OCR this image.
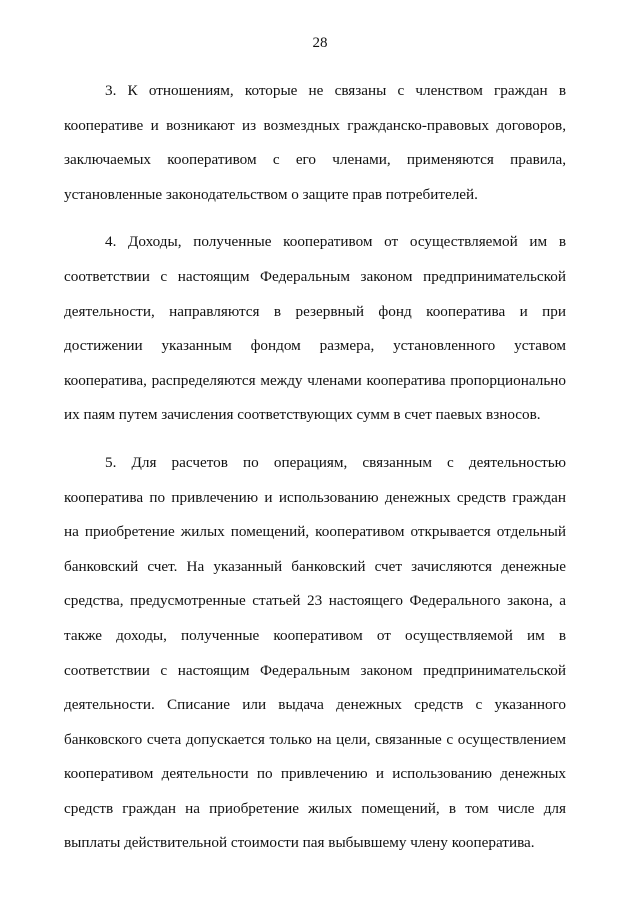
28

3. К отношениям, которые не связаны с членством граждан в кооперативе и возникают из возмездных гражданско-правовых договоров, заключаемых кооперативом с его членами, применяются правила, установленные законодательством о защите прав потребителей.

4. Доходы, полученные кооперативом от осуществляемой им в соответствии с настоящим Федеральным законом предпринимательской деятельности, направляются в резервный фонд кооператива и при достижении указанным фондом размера, установленного уставом кооператива, распределяются между членами кооператива пропорционально их паям путем зачисления соответствующих сумм в счет паевых взносов.

5. Для расчетов по операциям, связанным с деятельностью кооператива по привлечению и использованию денежных средств граждан на приобретение жилых помещений, кооперативом открывается отдельный банковский счет. На указанный банковский счет зачисляются денежные средства, предусмотренные статьей 23 настоящего Федерального закона, а также доходы, полученные кооперативом от осуществляемой им в соответствии с настоящим Федеральным законом предпринимательской деятельности. Списание или выдача денежных средств с указанного банковского счета допускается только на цели, связанные с осуществлением кооперативом деятельности по привлечению и использованию денежных средств граждан на приобретение жилых помещений, в том числе для выплаты действительной стоимости пая выбывшему члену кооператива.
